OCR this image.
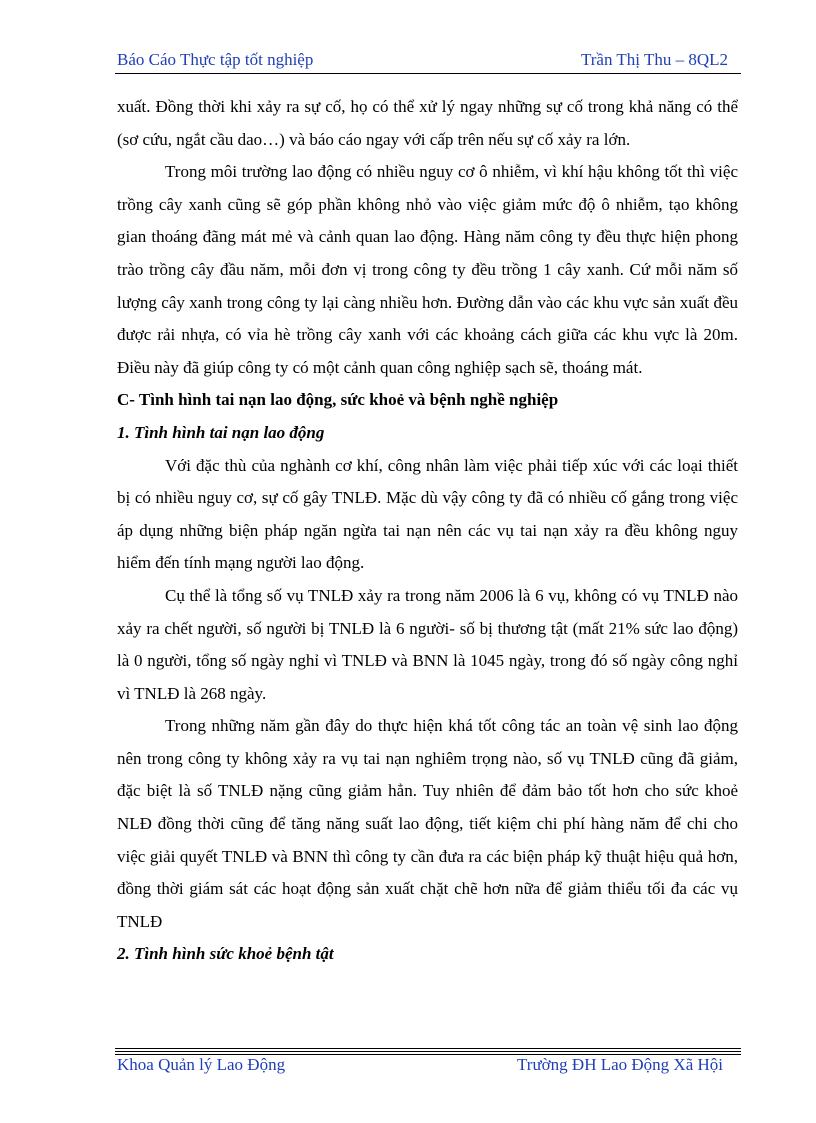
Báo Cáo Thực tập tốt nghiệp	Trần Thị Thu – 8QL2

xuất. Đồng thời khi xảy ra sự cố, họ có thể xử lý ngay những sự cố trong khả năng có thể (sơ cứu, ngắt cầu dao…) và báo cáo ngay với cấp trên nếu sự cố xảy ra lớn.

Trong môi trường lao động có nhiều nguy cơ ô nhiễm, vì khí hậu không tốt thì việc trồng cây xanh cũng sẽ góp phần không nhỏ vào việc giảm mức độ ô nhiễm, tạo không gian thoáng đãng mát mẻ và cảnh quan lao động. Hàng năm công ty đều thực hiện phong trào trồng cây đầu năm, mỗi đơn vị trong công ty đều trồng 1 cây xanh. Cứ mỗi năm số lượng cây xanh trong công ty lại càng nhiều hơn. Đường dẫn vào các khu vực sản xuất đều được rải nhựa, có vỉa hè trồng cây xanh với các khoảng cách giữa các khu vực là 20m. Điều này đã giúp công ty có một cảnh quan công nghiệp sạch sẽ, thoáng mát.

C- Tình hình tai nạn lao động, sức khoẻ và bệnh nghề nghiệp

1. Tình hình tai nạn lao động

Với đặc thù của nghành cơ khí, công nhân làm việc phải tiếp xúc với các loại thiết bị có nhiều nguy cơ, sự cố gây TNLĐ. Mặc dù vậy công ty đã có nhiều cố gắng trong việc áp dụng những biện pháp ngăn ngừa tai nạn nên các vụ tai nạn xảy ra đều không nguy hiểm đến tính mạng người lao động.

Cụ thể là tổng số vụ TNLĐ xảy ra trong năm 2006 là 6 vụ, không có vụ TNLĐ nào xảy ra chết người, số người bị TNLĐ là 6 người- số bị thương tật (mất 21% sức lao động) là 0 người, tổng số ngày nghỉ vì TNLĐ và BNN là 1045 ngày, trong đó số ngày công nghỉ vì TNLĐ là 268 ngày.

Trong những năm gần đây do thực hiện khá tốt công tác an toàn vệ sinh lao động nên trong công ty không xảy ra vụ tai nạn nghiêm trọng nào, số vụ TNLĐ cũng đã giảm, đặc biệt là số TNLĐ nặng cũng giảm hẳn. Tuy nhiên để đảm bảo tốt hơn cho sức khoẻ NLĐ đồng thời cũng để tăng năng suất lao động, tiết kiệm chi phí hàng năm để chi cho việc giải quyết TNLĐ và BNN thì công ty cần đưa ra các biện pháp kỹ thuật hiệu quả hơn, đồng thời giám sát các hoạt động sản xuất chặt chẽ hơn nữa để giảm thiểu tối đa các vụ TNLĐ

2. Tình hình sức khoẻ bệnh tật

Khoa Quản lý Lao Động	Trường ĐH Lao Động Xã Hội
